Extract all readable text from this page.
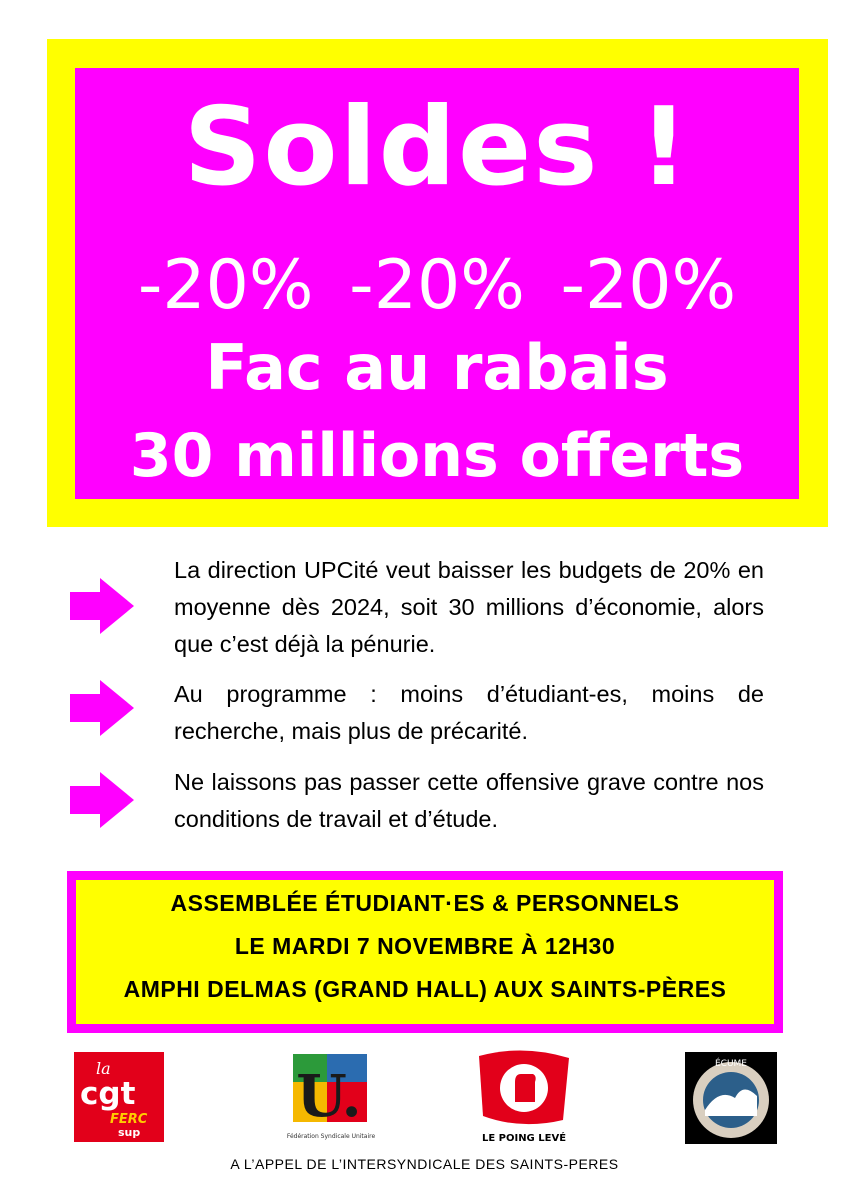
Soldes !
-20% -20% -20%
Fac au rabais
30 millions offerts
La direction UPCité veut baisser les budgets de 20% en moyenne dès 2024, soit 30 millions d’économie, alors que c’est déjà la pénurie.
Au programme : moins d’étudiant-es, moins de recherche, mais plus de précarité.
Ne laissons pas passer cette offensive grave contre nos conditions de travail et d’étude.
ASSEMBLÉE ÉTUDIANT·ES & PERSONNELS
LE MARDI 7 NOVEMBRE À 12H30
AMPHI DELMAS (GRAND HALL) AUX SAINTS-PÈRES
la
cgt
FERC
sup
U.
Fédération Syndicale Unitaire	LE POING LEVÉ
ÉCUME
A L’APPEL DE L’INTERSYNDICALE DES SAINTS-PERES
